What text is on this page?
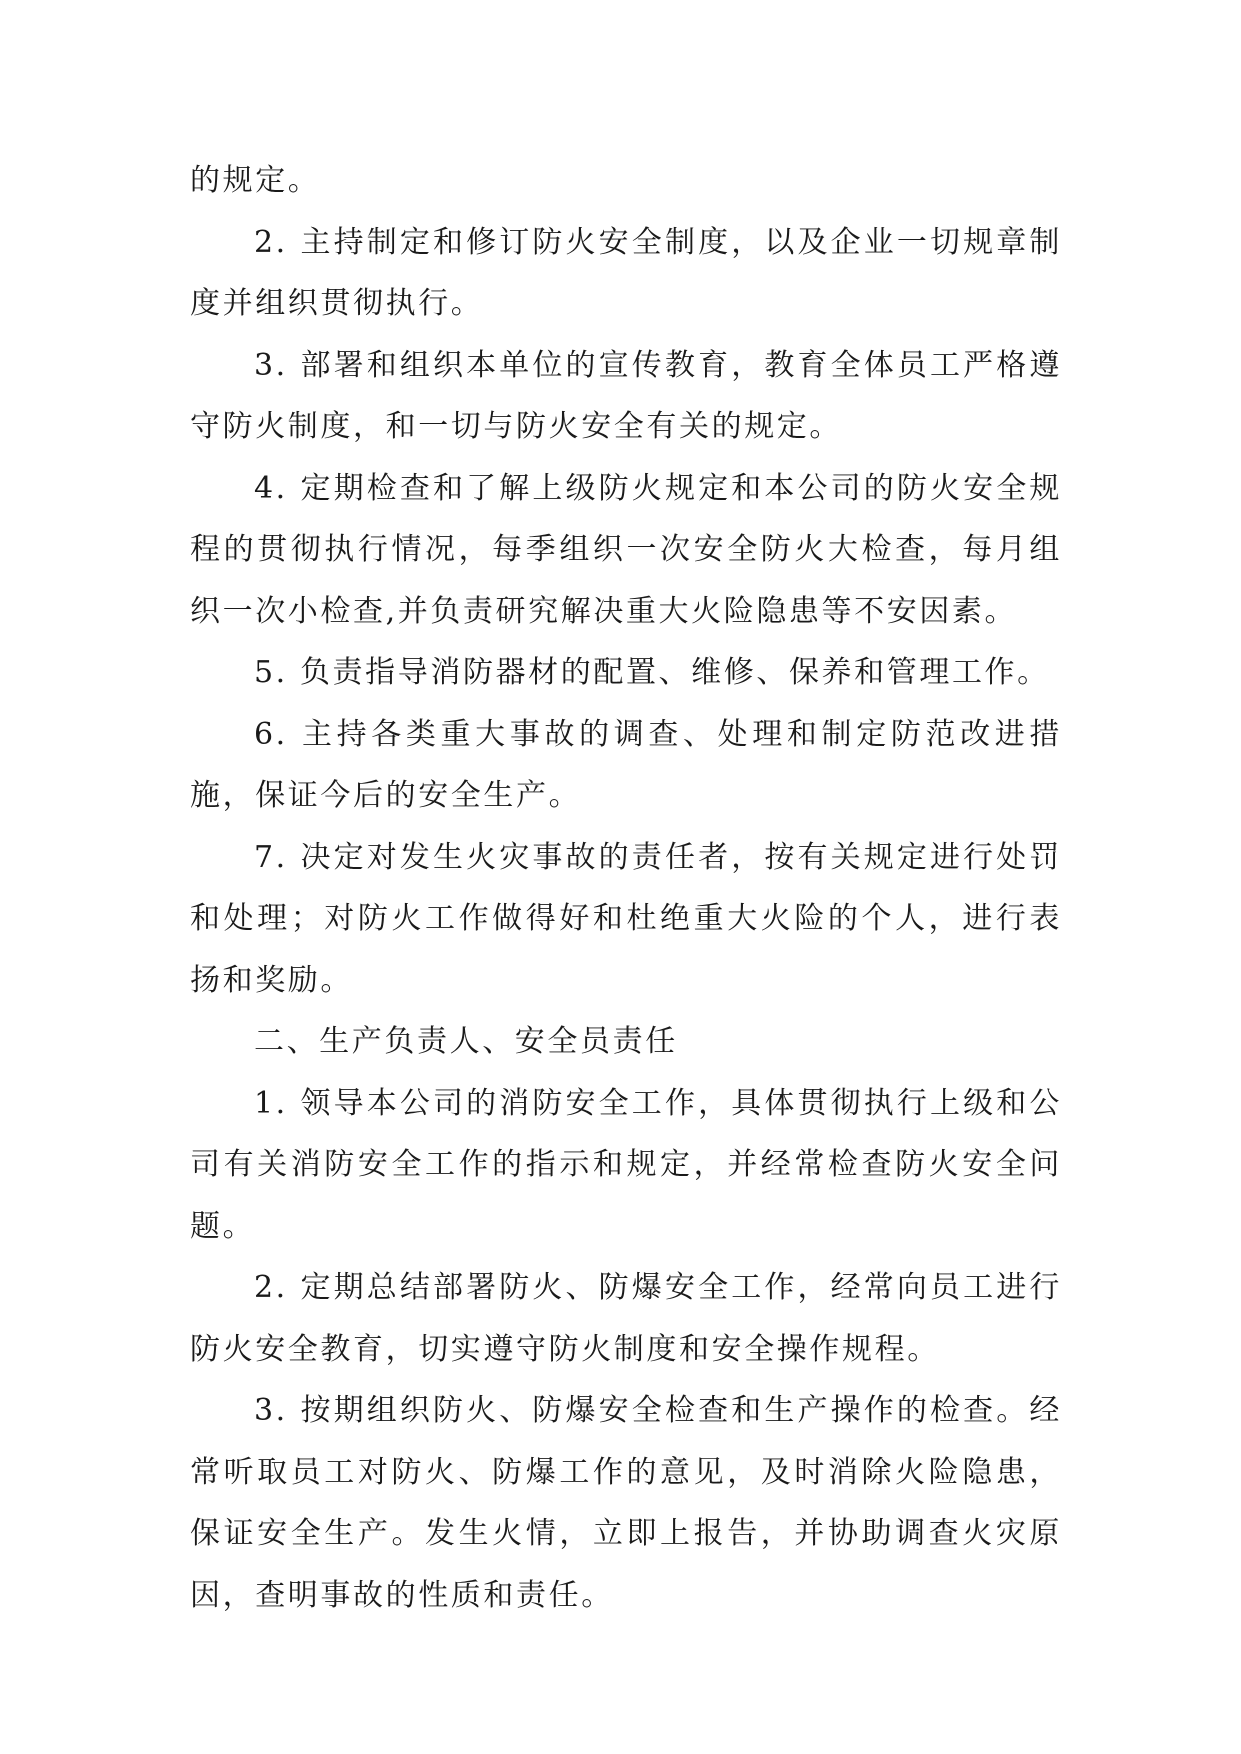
的规定。

2. 主持制定和修订防火安全制度，以及企业一切规章制度并组织贯彻执行。

3. 部署和组织本单位的宣传教育，教育全体员工严格遵守防火制度，和一切与防火安全有关的规定。

4. 定期检查和了解上级防火规定和本公司的防火安全规程的贯彻执行情况，每季组织一次安全防火大检查，每月组织一次小检查,并负责研究解决重大火险隐患等不安因素。

5. 负责指导消防器材的配置、维修、保养和管理工作。

6. 主持各类重大事故的调查、处理和制定防范改进措施，保证今后的安全生产。

7. 决定对发生火灾事故的责任者，按有关规定进行处罚和处理；对防火工作做得好和杜绝重大火险的个人，进行表扬和奖励。

二、生产负责人、安全员责任

1. 领导本公司的消防安全工作，具体贯彻执行上级和公司有关消防安全工作的指示和规定，并经常检查防火安全问题。

2. 定期总结部署防火、防爆安全工作，经常向员工进行防火安全教育，切实遵守防火制度和安全操作规程。

3. 按期组织防火、防爆安全检查和生产操作的检查。经常听取员工对防火、防爆工作的意见，及时消除火险隐患，保证安全生产。发生火情，立即上报告，并协助调查火灾原因，查明事故的性质和责任。
